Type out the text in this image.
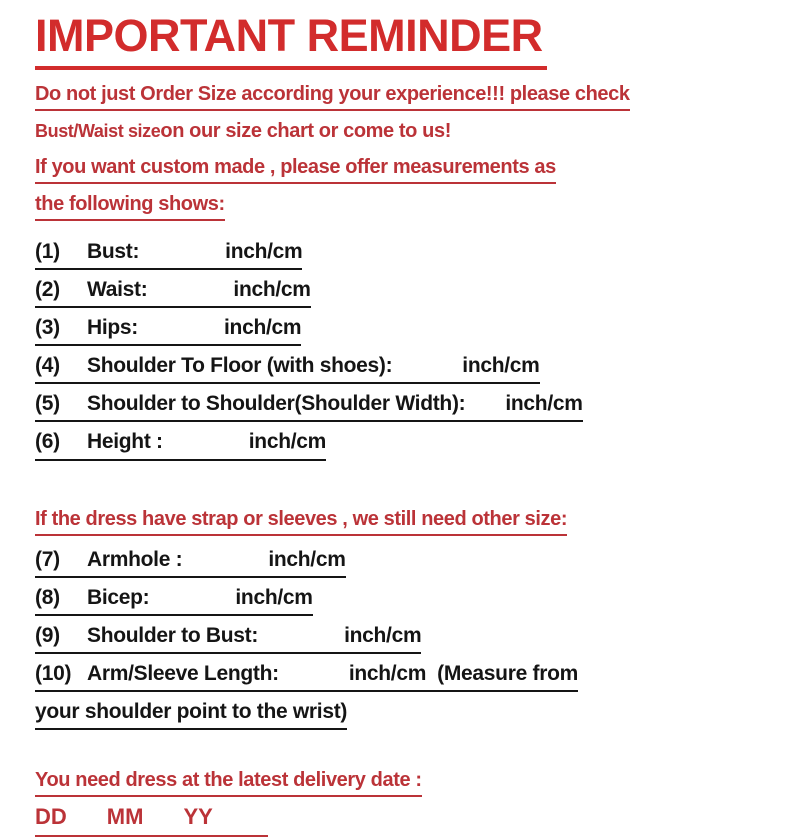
IMPORTANT REMINDER
Do not just Order Size according your experience!!! please check
Bust/Waist sizeon our size chart or come to us!
If you want custom made , please offer measurements as
the following shows:
(1) Bust:	inch/cm
(2) Waist:	inch/cm
(3) Hips:	inch/cm
(4) Shoulder To Floor (with shoes):	inch/cm
(5) Shoulder to Shoulder(Shoulder Width): inch/cm
(6) Height :	inch/cm
If the dress have strap or sleeves , we still need other size:
(7) Armhole :	inch/cm
(8) Bicep:	inch/cm
(9) Shoulder to Bust:	inch/cm
(10) Arm/Sleeve Length:	inch/cm  (Measure from
your shoulder point to the wrist)
You need dress at the latest delivery date :
DD MM YY
